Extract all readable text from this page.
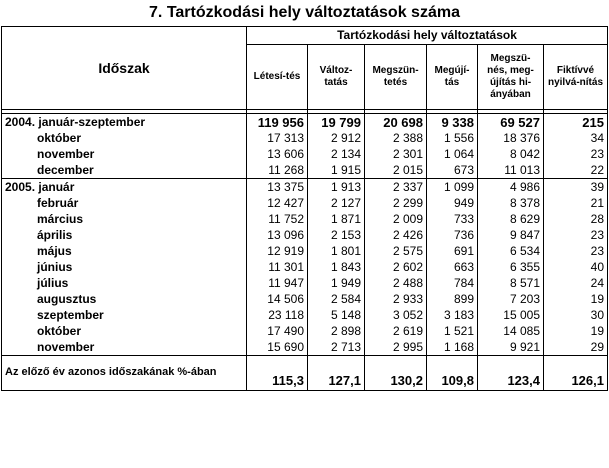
7. Tartózkodási hely változtatások száma
Időszak	Tartózkodási hely változtatások					
	Létesí-tés	Változ-tatás	Megszün-tetés	Megújí-tás	Megszü-nés, meg-újítás hi-ányában	Fiktívvé nyilvá-nítás

2004. január-szeptember	119 956	19 799	20 698	9 338	69 527	215
október	17 313	2 912	2 388	1 556	18 376	34
november	13 606	2 134	2 301	1 064	8 042	23
december	11 268	1 915	2 015	673	11 013	22
2005. január	13 375	1 913	2 337	1 099	4 986	39
február	12 427	2 127	2 299	949	8 378	21
március	11 752	1 871	2 009	733	8 629	28
április	13 096	2 153	2 426	736	9 847	23
május	12 919	1 801	2 575	691	6 534	23
június	11 301	1 843	2 602	663	6 355	40
július	11 947	1 949	2 488	784	8 571	24
augusztus	14 506	2 584	2 933	899	7 203	19
szeptember	23 118	5 148	3 052	3 183	15 005	30
október	17 490	2 898	2 619	1 521	14 085	19
november	15 690	2 713	2 995	1 168	9 921	29
Az előző év azonos időszakának %-ában	115,3	127,1	130,2	109,8	123,4	126,1
